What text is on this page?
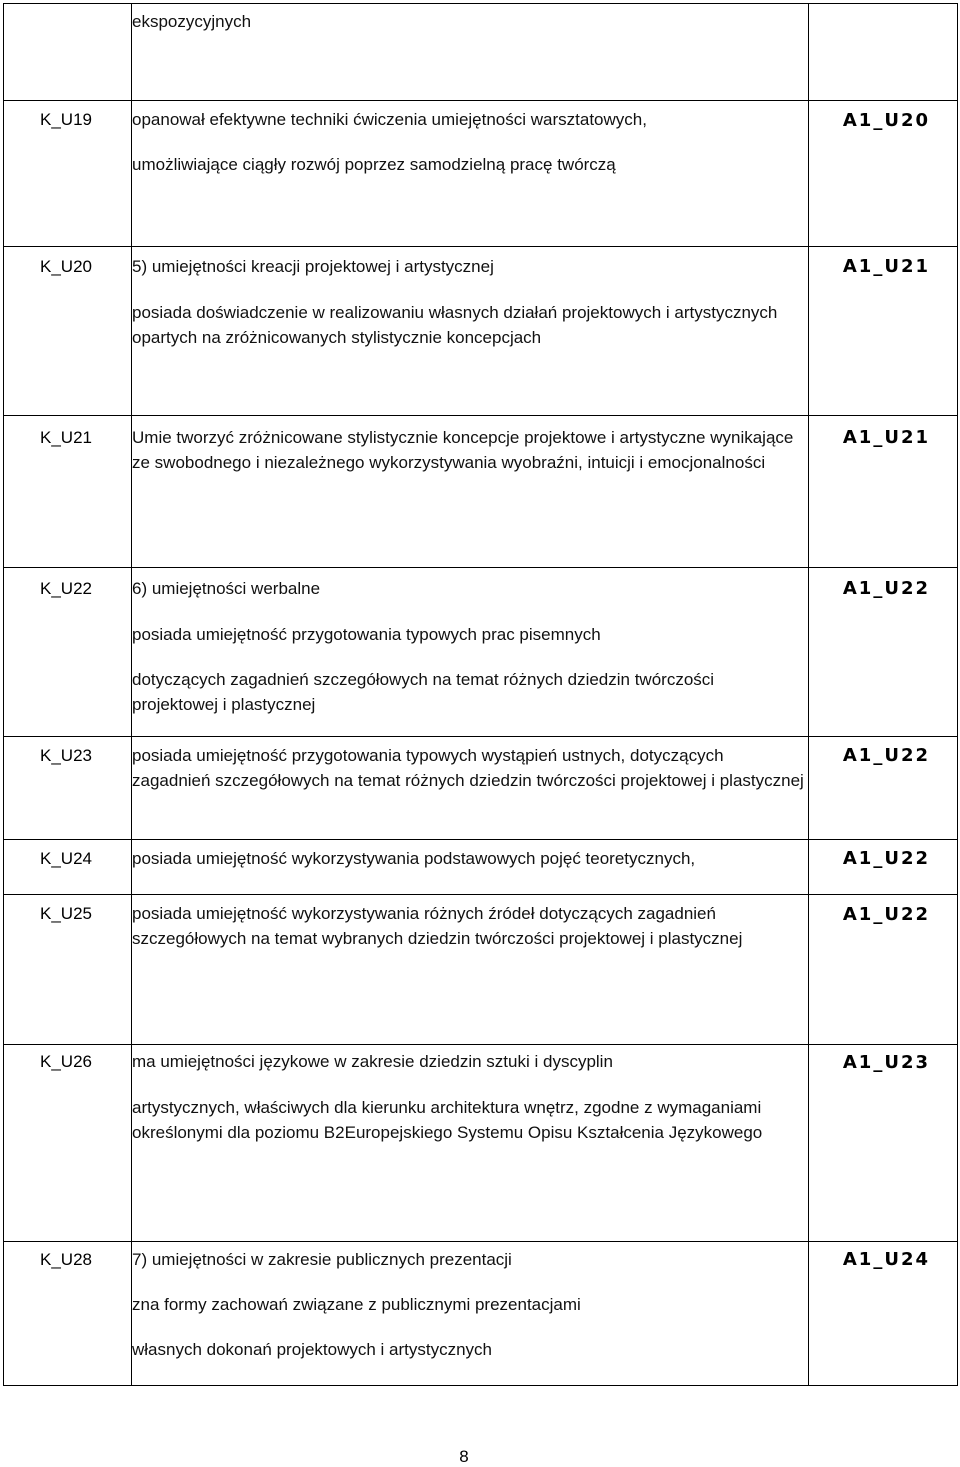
ekspozycyjnych
K_U19 opanował efektywne techniki ćwiczenia umiejętności warsztatowych,
umożliwiające ciągły rozwój poprzez samodzielną pracę twórczą
A1_U20
K_U20 5) umiejętności kreacji projektowej i artystycznej
posiada doświadczenie w realizowaniu własnych działań projektowych i artystycznych opartych na zróżnicowanych stylistycznie koncepcjach
A1_U21
K_U21 Umie tworzyć zróżnicowane stylistycznie koncepcje projektowe i artystyczne wynikające ze swobodnego i niezależnego wykorzystywania wyobraźni, intuicji i emocjonalności
A1_U21
K_U22 6) umiejętności werbalne
posiada umiejętność przygotowania typowych prac pisemnych
dotyczących zagadnień szczegółowych na temat różnych dziedzin twórczości projektowej i plastycznej
A1_U22
K_U23 posiada umiejętność przygotowania typowych wystąpień ustnych, dotyczących zagadnień szczegółowych na temat różnych dziedzin twórczości projektowej i plastycznej
A1_U22
K_U24 posiada umiejętność wykorzystywania podstawowych pojęć teoretycznych,	A1_U22
K_U25 posiada umiejętność wykorzystywania różnych źródeł dotyczących zagadnień szczegółowych na temat wybranych dziedzin twórczości projektowej i plastycznej
A1_U22
K_U26 ma umiejętności językowe w zakresie dziedzin sztuki i dyscyplin
artystycznych, właściwych dla kierunku architektura wnętrz, zgodne z wymaganiami określonymi dla poziomu B2Europejskiego Systemu Opisu Kształcenia Językowego
A1_U23
K_U28 7) umiejętności w zakresie publicznych prezentacji
zna formy zachowań związane z publicznymi prezentacjami
własnych dokonań projektowych i artystycznych
A1_U24
8
